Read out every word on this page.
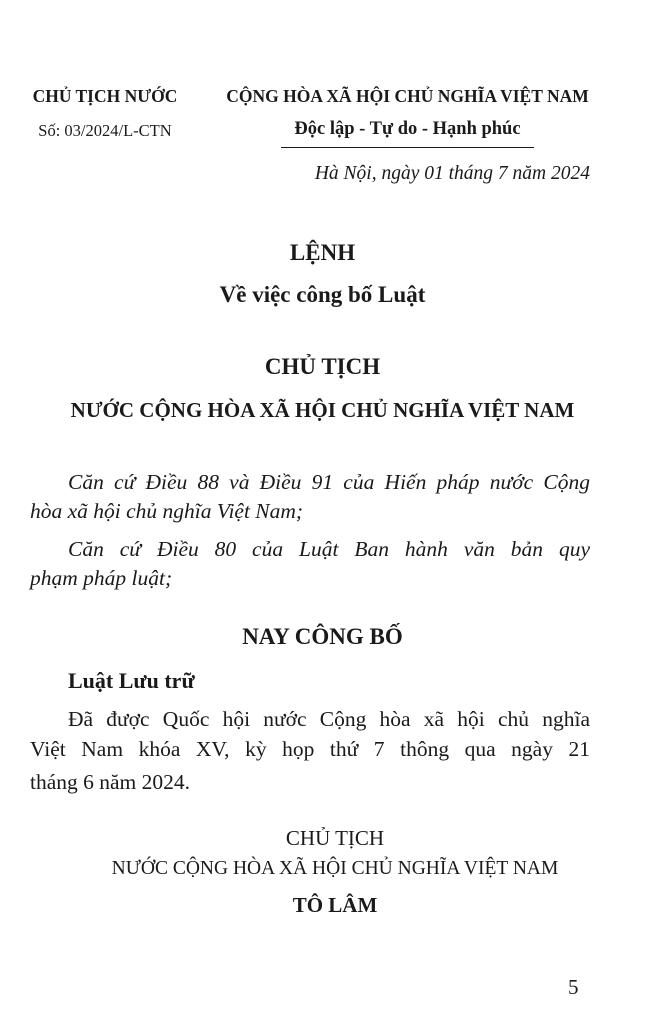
CHỦ TỊCH NƯỚC
Số: 03/2024/L-CTN
CỘNG HÒA XÃ HỘI CHỦ NGHĨA VIỆT NAM
Độc lập - Tự do - Hạnh phúc
Hà Nội, ngày 01 tháng 7 năm 2024
LỆNH
Về việc công bố Luật
CHỦ TỊCH
NƯỚC CỘNG HÒA XÃ HỘI CHỦ NGHĨA VIỆT NAM
Căn cứ Điều 88 và Điều 91 của Hiến pháp nước Cộng
hòa xã hội chủ nghĩa Việt Nam;
Căn cứ Điều 80 của Luật Ban hành văn bản quy
phạm pháp luật;
NAY CÔNG BỐ
Luật Lưu trữ
Đã được Quốc hội nước Cộng hòa xã hội chủ nghĩa
Việt Nam khóa XV, kỳ họp thứ 7 thông qua ngày 21
tháng 6 năm 2024.
CHỦ TỊCH
NƯỚC CỘNG HÒA XÃ HỘI CHỦ NGHĨA VIỆT NAM
TÔ LÂM
5
